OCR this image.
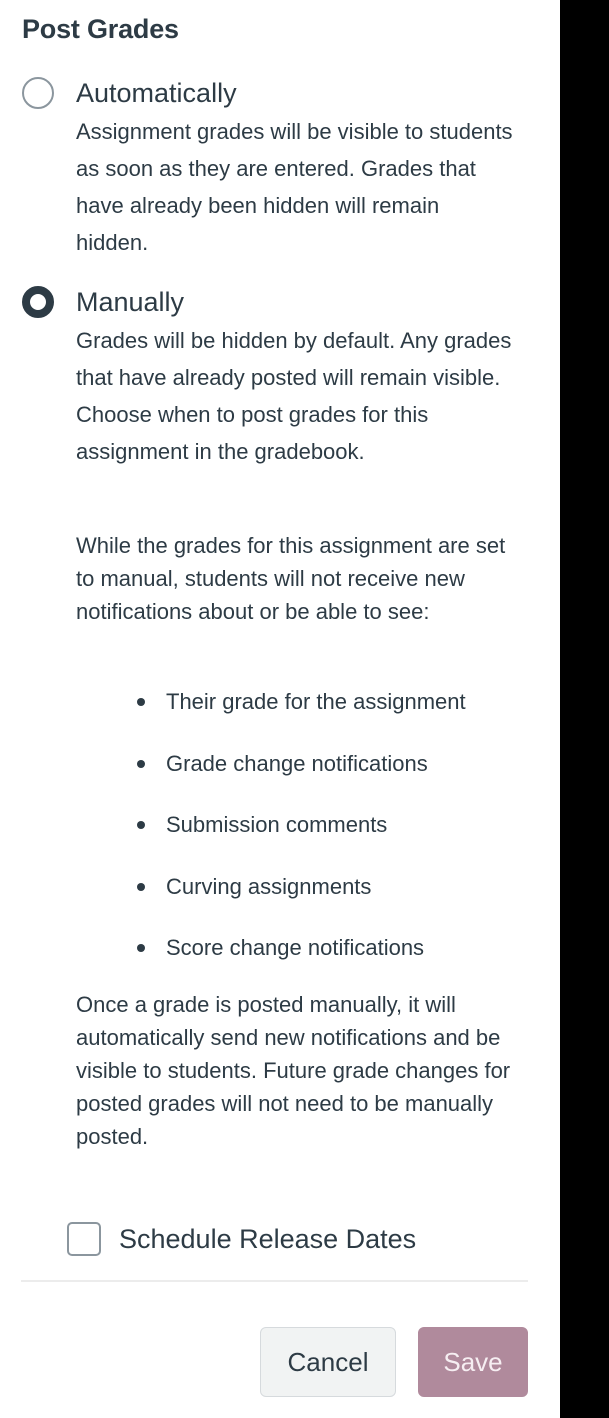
Post Grades
Automatically

Assignment grades will be visible to students as soon as they are entered. Grades that have already been hidden will remain hidden.

Manually

Grades will be hidden by default. Any grades that have already posted will remain visible. Choose when to post grades for this assignment in the gradebook.

While the grades for this assignment are set to manual, students will not receive new notifications about or be able to see:

Their grade for the assignment
Grade change notifications
Submission comments
Curving assignments
Score change notifications

Once a grade is posted manually, it will automatically send new notifications and be visible to students. Future grade changes for posted grades will not need to be manually posted.

Schedule Release Dates
Cancel	Save
